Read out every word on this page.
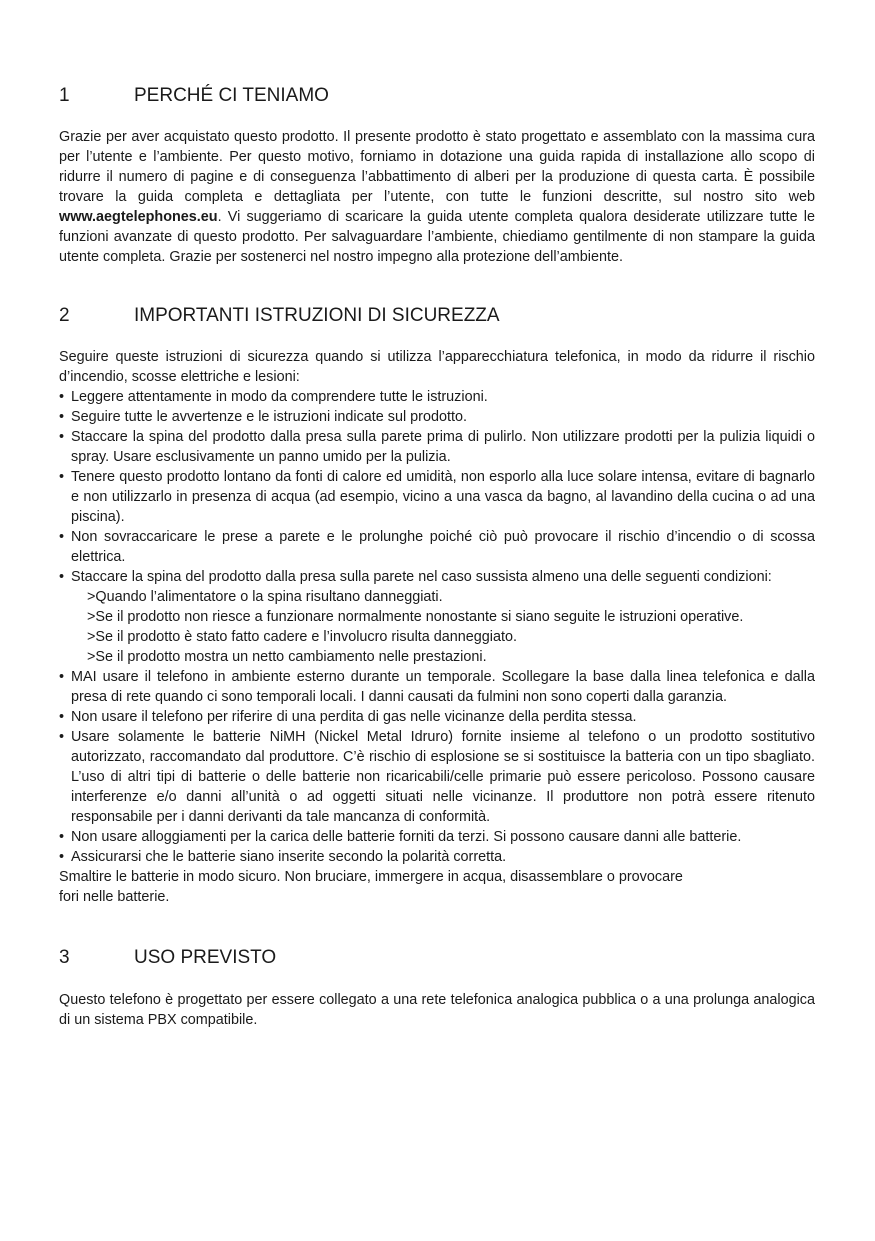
1	PERCHÉ CI TENIAMO

Grazie per aver acquistato questo prodotto. Il presente prodotto è stato progettato e assemblato con la massima cura per l’utente e l’ambiente. Per questo motivo, forniamo in dotazione una guida rapida di installazione allo scopo di ridurre il numero di pagine e di conseguenza l’abbattimento di alberi per la produzione di questa carta. È possibile trovare la guida completa e dettagliata per l’utente, con tutte le funzioni descritte, sul nostro sito web www.aegtelephones.eu. Vi suggeriamo di scaricare la guida utente completa qualora desiderate utilizzare tutte le funzioni avanzate di questo prodotto. Per salvaguardare l’ambiente, chiediamo gentilmente di non stampare la guida utente completa. Grazie per sostenerci nel nostro impegno alla protezione dell’ambiente.

2	IMPORTANTI ISTRUZIONI DI SICUREZZA

Seguire queste istruzioni di sicurezza quando si utilizza l’apparecchiatura telefonica, in modo da ridurre il rischio d’incendio, scosse elettriche e lesioni:

• Leggere attentamente in modo da comprendere tutte le istruzioni.
• Seguire tutte le avvertenze e le istruzioni indicate sul prodotto.
• Staccare la spina del prodotto dalla presa sulla parete prima di pulirlo. Non utilizzare prodotti per la pulizia liquidi o spray. Usare esclusivamente un panno umido per la pulizia.
• Tenere questo prodotto lontano da fonti di calore ed umidità, non esporlo alla luce solare intensa, evitare di bagnarlo e non utilizzarlo in presenza di acqua (ad esempio, vicino a una vasca da bagno, al lavandino della cucina o ad una piscina).
• Non sovraccaricare le prese a parete e le prolunghe poiché ciò può provocare il rischio d’incendio o di scossa elettrica.
• Staccare la spina del prodotto dalla presa sulla parete nel caso sussista almeno una delle seguenti condizioni:
>Quando l’alimentatore o la spina risultano danneggiati.
>Se il prodotto non riesce a funzionare normalmente nonostante si siano seguite le istruzioni operative.
>Se il prodotto è stato fatto cadere e l’involucro risulta danneggiato.
>Se il prodotto mostra un netto cambiamento nelle prestazioni.
• MAI usare il telefono in ambiente esterno durante un temporale. Scollegare la base dalla linea telefonica e dalla presa di rete quando ci sono temporali locali. I danni causati da fulmini non sono coperti dalla garanzia.
• Non usare il telefono per riferire di una perdita di gas nelle vicinanze della perdita stessa.
• Usare solamente le batterie NiMH (Nickel Metal Idruro) fornite insieme al telefono o un prodotto sostitutivo autorizzato, raccomandato dal produttore. C’è rischio di esplosione se si sostituisce la batteria con un tipo sbagliato. L’uso di altri tipi di batterie o delle batterie non ricaricabili/celle primarie può essere pericoloso. Possono causare interferenze e/o danni all’unità o ad oggetti situati nelle vicinanze. Il produttore non potrà essere ritenuto responsabile per i danni derivanti da tale mancanza di conformità.
• Non usare alloggiamenti per la carica delle batterie forniti da terzi. Si possono causare danni alle batterie.
• Assicurarsi che le batterie siano inserite secondo la polarità corretta.
Smaltire le batterie in modo sicuro. Non bruciare, immergere in acqua, disassemblare o provocare
fori nelle batterie.
3	USO PREVISTO

Questo telefono è progettato per essere collegato a una rete telefonica analogica pubblica o a una prolunga analogica di un sistema PBX compatibile.
